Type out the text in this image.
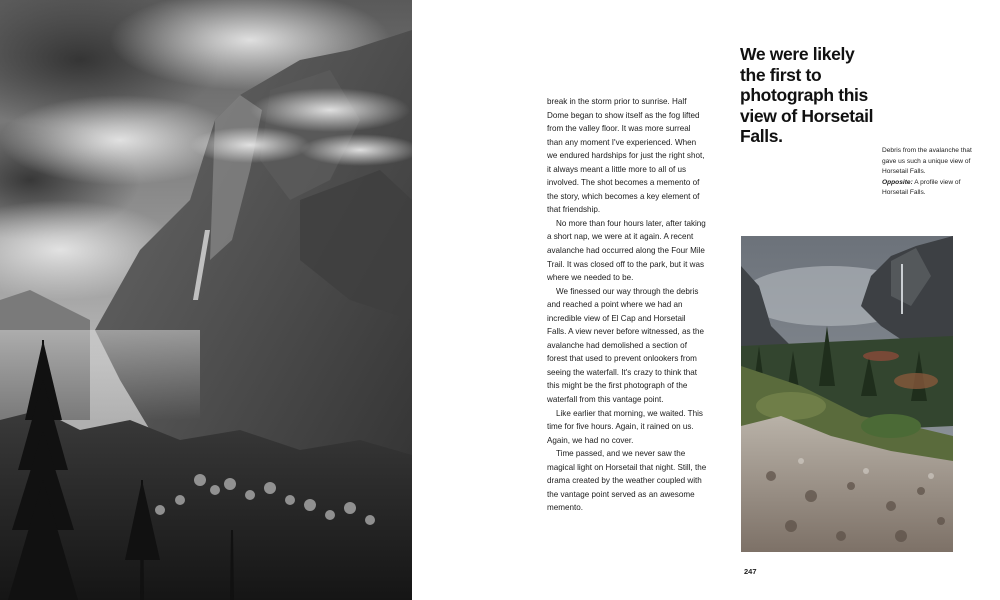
break in the storm prior to sunrise. Half Dome began to show itself as the fog lifted from the valley floor. It was more surreal than any moment I've experienced. When we endured hardships for just the right shot, it always meant a little more to all of us involved. The shot becomes a memento of the story, which becomes a key element of that friendship.

No more than four hours later, after taking a short nap, we were at it again. A recent avalanche had occurred along the Four Mile Trail. It was closed off to the park, but it was where we needed to be.

We finessed our way through the debris and reached a point where we had an incredible view of El Cap and Horsetail Falls. A view never before witnessed, as the avalanche had demolished a section of forest that used to prevent onlookers from seeing the waterfall. It's crazy to think that this might be the first photograph of the waterfall from this vantage point.

Like earlier that morning, we waited. This time for five hours. Again, it rained on us. Again, we had no cover.

Time passed, and we never saw the magical light on Horsetail that night. Still, the drama created by the weather coupled with the vantage point served as an awesome memento.

We were likely the first to photograph this view of Horsetail Falls.
Debris from the avalanche that gave us such a unique view of Horsetail Falls.
Opposite: A profile view of Horsetail Falls.
247
